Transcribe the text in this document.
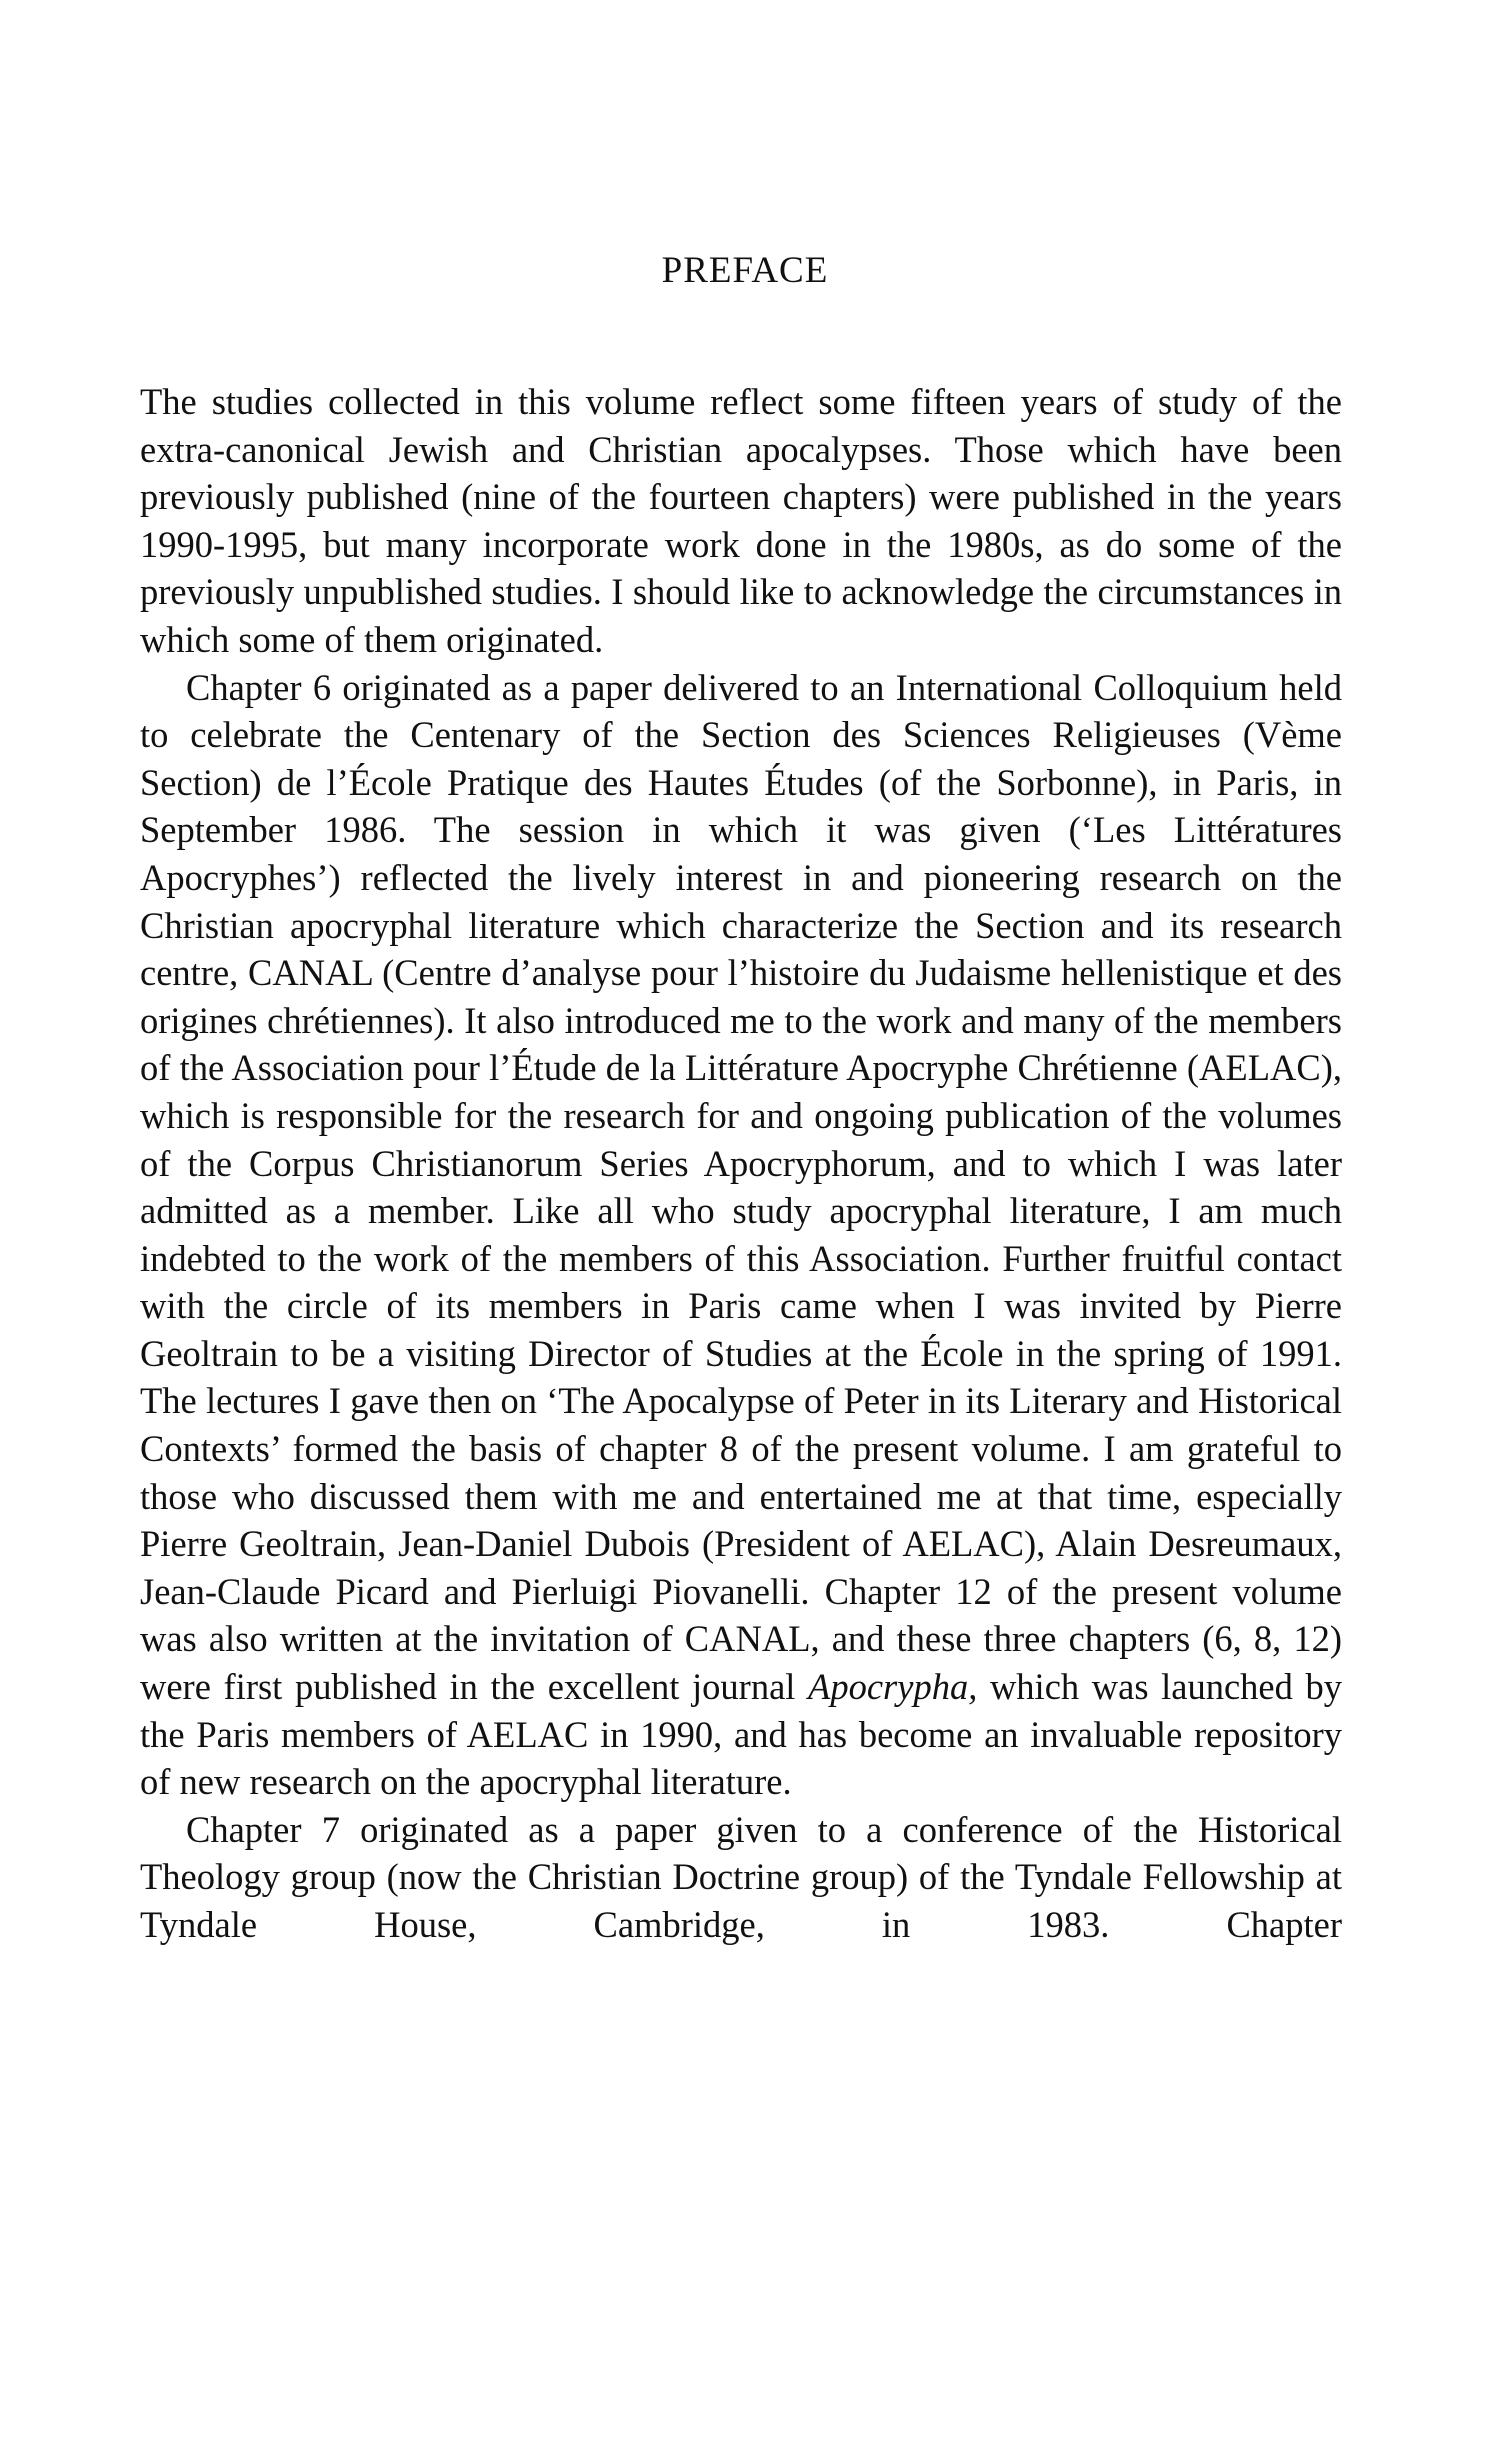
PREFACE

The studies collected in this volume reflect some fifteen years of study of the extra-canonical Jewish and Christian apocalypses. Those which have been previously published (nine of the fourteen chapters) were published in the years 1990-1995, but many incorporate work done in the 1980s, as do some of the previously unpublished studies. I should like to acknowledge the circumstances in which some of them originated.

Chapter 6 originated as a paper delivered to an International Colloquium held to celebrate the Centenary of the Section des Sciences Religieuses (Vème Section) de l’École Pratique des Hautes Études (of the Sorbonne), in Paris, in September 1986. The session in which it was given (‘Les Littératures Apocryphes’) reflected the lively interest in and pioneering research on the Christian apocryphal literature which characterize the Section and its research centre, CANAL (Centre d’analyse pour l’histoire du Judaisme hellenistique et des origines chrétiennes). It also introduced me to the work and many of the members of the Association pour l’Étude de la Littérature Apocryphe Chrétienne (AELAC), which is responsible for the research for and ongoing publication of the volumes of the Corpus Christianorum Series Apocryphorum, and to which I was later admitted as a member. Like all who study apocryphal literature, I am much indebted to the work of the members of this Association. Further fruitful contact with the circle of its members in Paris came when I was invited by Pierre Geoltrain to be a visiting Director of Studies at the École in the spring of 1991. The lectures I gave then on ‘The Apocalypse of Peter in its Literary and Historical Contexts’ formed the basis of chapter 8 of the present volume. I am grateful to those who discussed them with me and entertained me at that time, especially Pierre Geoltrain, Jean-Daniel Dubois (President of AELAC), Alain Desreumaux, Jean-Claude Picard and Pierluigi Piovanelli. Chapter 12 of the present volume was also written at the invitation of CANAL, and these three chapters (6, 8, 12) were first published in the excellent journal Apocrypha, which was launched by the Paris members of AELAC in 1990, and has become an invaluable repository of new research on the apocryphal literature.

Chapter 7 originated as a paper given to a conference of the Historical Theology group (now the Christian Doctrine group) of the Tyndale Fellowship at Tyndale House, Cambridge, in 1983. Chapter
